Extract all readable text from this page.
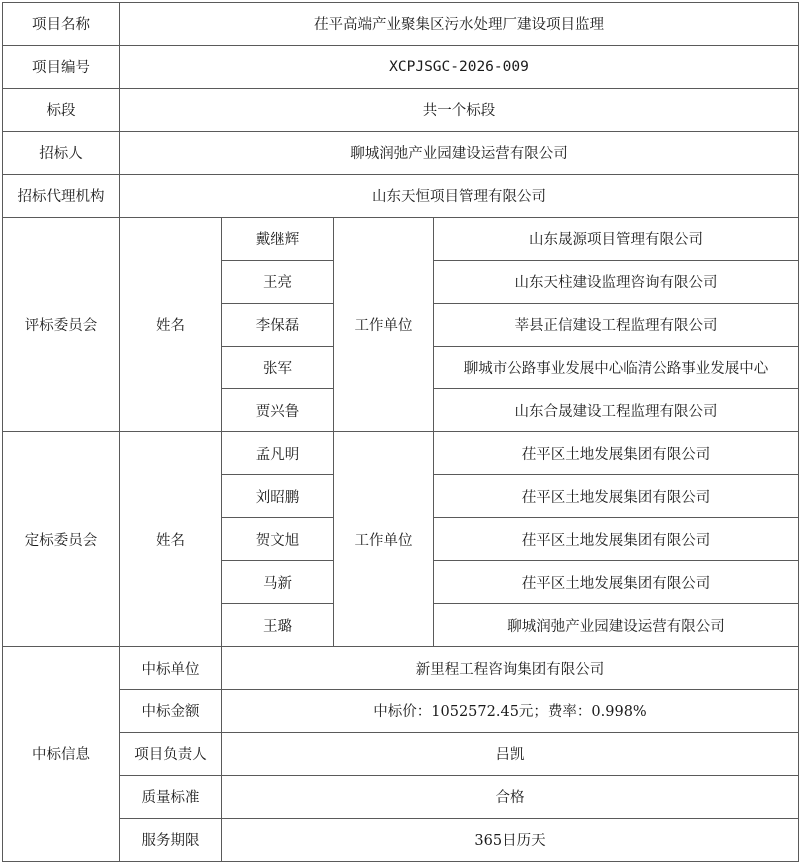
项目名称	茌平高端产业聚集区污水处理厂建设项目监理			
项目编号	XCPJSGC-2026-009			
标段	共一个标段			
招标人	聊城润弛产业园建设运营有限公司			
招标代理机构	山东天恒项目管理有限公司			
评标委员会	姓名	戴继辉	工作单位	山东晟源项目管理有限公司
		王亮		山东天柱建设监理咨询有限公司
		李保磊		莘县正信建设工程监理有限公司
		张军		聊城市公路事业发展中心临清公路事业发展中心
		贾兴鲁		山东合晟建设工程监理有限公司
定标委员会	姓名	孟凡明	工作单位	茌平区土地发展集团有限公司
		刘昭鹏		茌平区土地发展集团有限公司
		贺文旭		茌平区土地发展集团有限公司
		马新		茌平区土地发展集团有限公司
		王璐		聊城润弛产业园建设运营有限公司
中标信息	中标单位	新里程工程咨询集团有限公司		
	中标金额	中标价：1052572.45元；费率：0.998%		
	项目负责人	吕凯		
	质量标准	合格		
	服务期限	365日历天		
